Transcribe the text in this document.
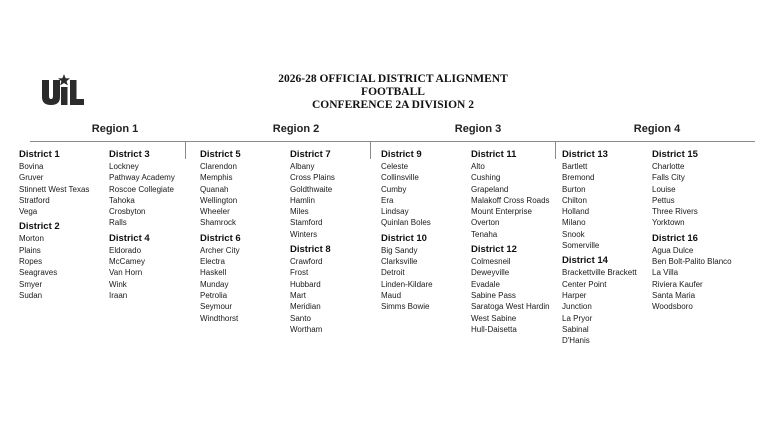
2026-28 OFFICIAL DISTRICT ALIGNMENT
FOOTBALL
CONFERENCE 2A DIVISION 2
Region 1	Region 2	Region 3	Region 4
District 1
Bovina
Gruver
Stinnett West Texas
Stratford
Vega
District 2
Morton
Plains
Ropes
Seagraves
Smyer
Sudan
District 3
Lockney
Pathway Academy
Roscoe Collegiate
Tahoka
Crosbyton
Ralls
District 4
Eldorado
McCamey
Van Horn
Wink
Iraan
District 5
Clarendon
Memphis
Quanah
Wellington
Wheeler
Shamrock
District 6
Archer City
Electra
Haskell
Munday
Petrolia
Seymour
Windthorst
District 7
Albany
Cross Plains
Goldthwaite
Hamlin
Miles
Stamford
Winters
District 8
Crawford
Frost
Hubbard
Mart
Meridian
Santo
Wortham
District 9
Celeste
Collinsville
Cumby
Era
Lindsay
Quinlan Boles
District 10
Big Sandy
Clarksville
Detroit
Linden-Kildare
Maud
Simms Bowie
District 11
Alto
Cushing
Grapeland
Malakoff Cross Roads
Mount Enterprise
Overton
Tenaha
District 12
Colmesneil
Deweyville
Evadale
Sabine Pass
Saratoga West Hardin
West Sabine
Hull-Daisetta
District 13
Bartlett
Bremond
Burton
Chilton
Holland
Milano
Snook
Somerville
District 14
Brackettville Brackett
Center Point
Harper
Junction
La Pryor
Sabinal
D'Hanis
District 15
Charlotte
Falls City
Louise
Pettus
Three Rivers
Yorktown
District 16
Agua Dulce
Ben Bolt-Palito Blanco
La Villa
Riviera Kaufer
Santa Maria
Woodsboro
